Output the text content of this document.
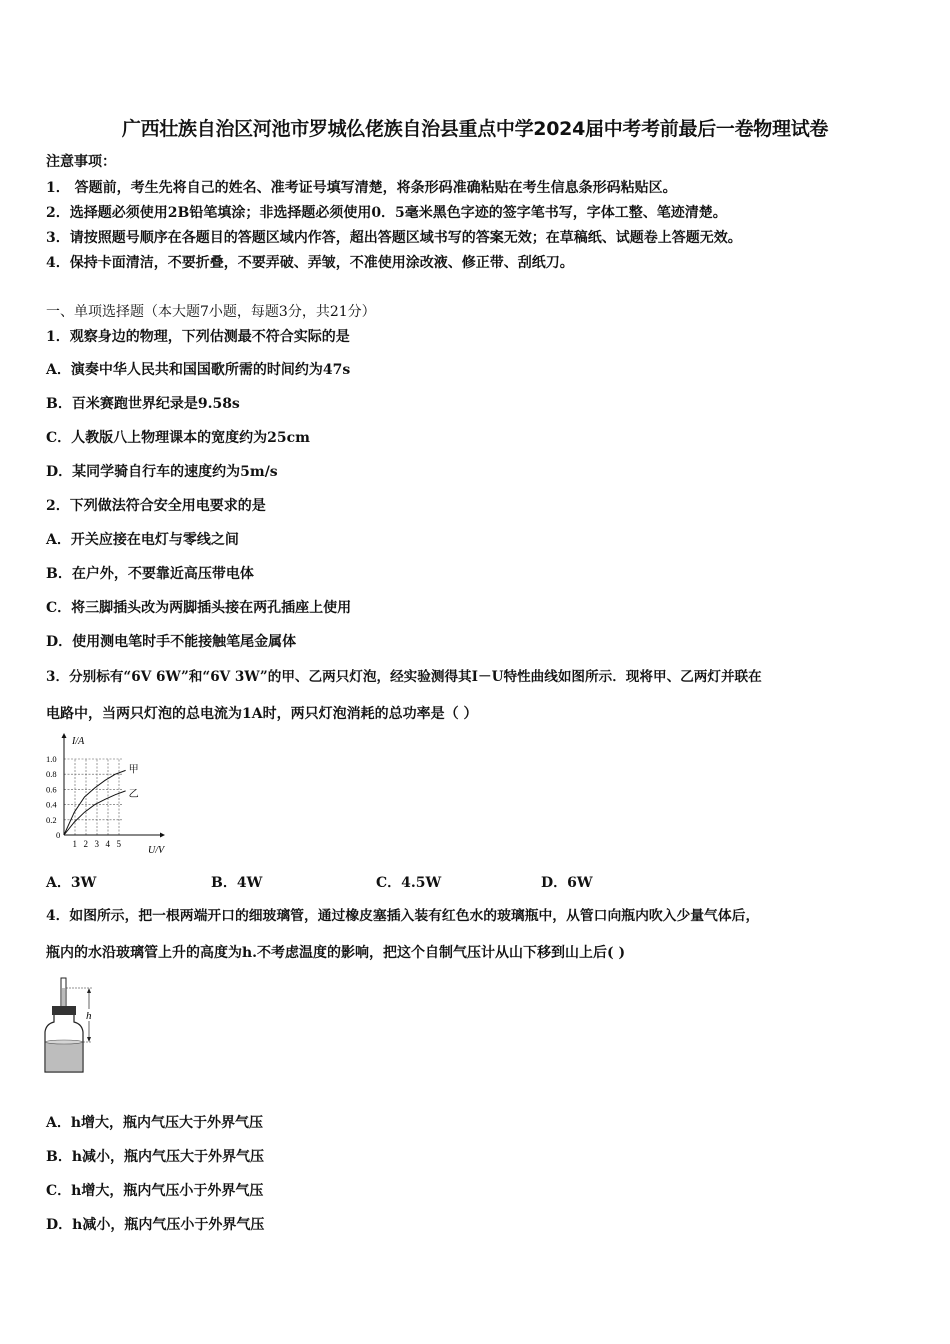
广西壮族自治区河池市罗城仫佬族自治县重点中学2024届中考考前最后一卷物理试卷
注意事项：
1． 答题前，考生先将自己的姓名、准考证号填写清楚，将条形码准确粘贴在考生信息条形码粘贴区。
2．选择题必须使用2B铅笔填涂；非选择题必须使用0．5毫米黑色字迹的签字笔书写，字体工整、笔迹清楚。
3．请按照题号顺序在各题目的答题区域内作答，超出答题区域书写的答案无效；在草稿纸、试题卷上答题无效。
4．保持卡面清洁，不要折叠，不要弄破、弄皱，不准使用涂改液、修正带、刮纸刀。
一、单项选择题（本大题7小题，每题3分，共21分）
1．观察身边的物理，下列估测最不符合实际的是
A．演奏中华人民共和国国歌所需的时间约为47s
B．百米赛跑世界纪录是9.58s
C．人教版八上物理课本的宽度约为25cm
D．某同学骑自行车的速度约为5m/s
2．下列做法符合安全用电要求的是
A．开关应接在电灯与零线之间
B．在户外，不要靠近高压带电体
C．将三脚插头改为两脚插头接在两孔插座上使用
D．使用测电笔时手不能接触笔尾金属体
3．分别标有“6V 6W”和“6V 3W”的甲、乙两只灯泡，经实验测得其I－U特性曲线如图所示．现将甲、乙两灯并联在
电路中，当两只灯泡的总电流为1A时，两只灯泡消耗的总功率是（ ）
1 2 3 4 5
1.0
0.8
0.6
0.4
0.2
0
I/A
U/V
甲
乙
A．3W	B．4W	C．4.5W	D．6W
4．如图所示，把一根两端开口的细玻璃管，通过橡皮塞插入装有红色水的玻璃瓶中，从管口向瓶内吹入少量气体后，
瓶内的水沿玻璃管上升的高度为h.不考虑温度的影响，把这个自制气压计从山下移到山上后( )
h
A．h增大，瓶内气压大于外界气压
B．h减小，瓶内气压大于外界气压
C．h增大，瓶内气压小于外界气压
D．h减小，瓶内气压小于外界气压
